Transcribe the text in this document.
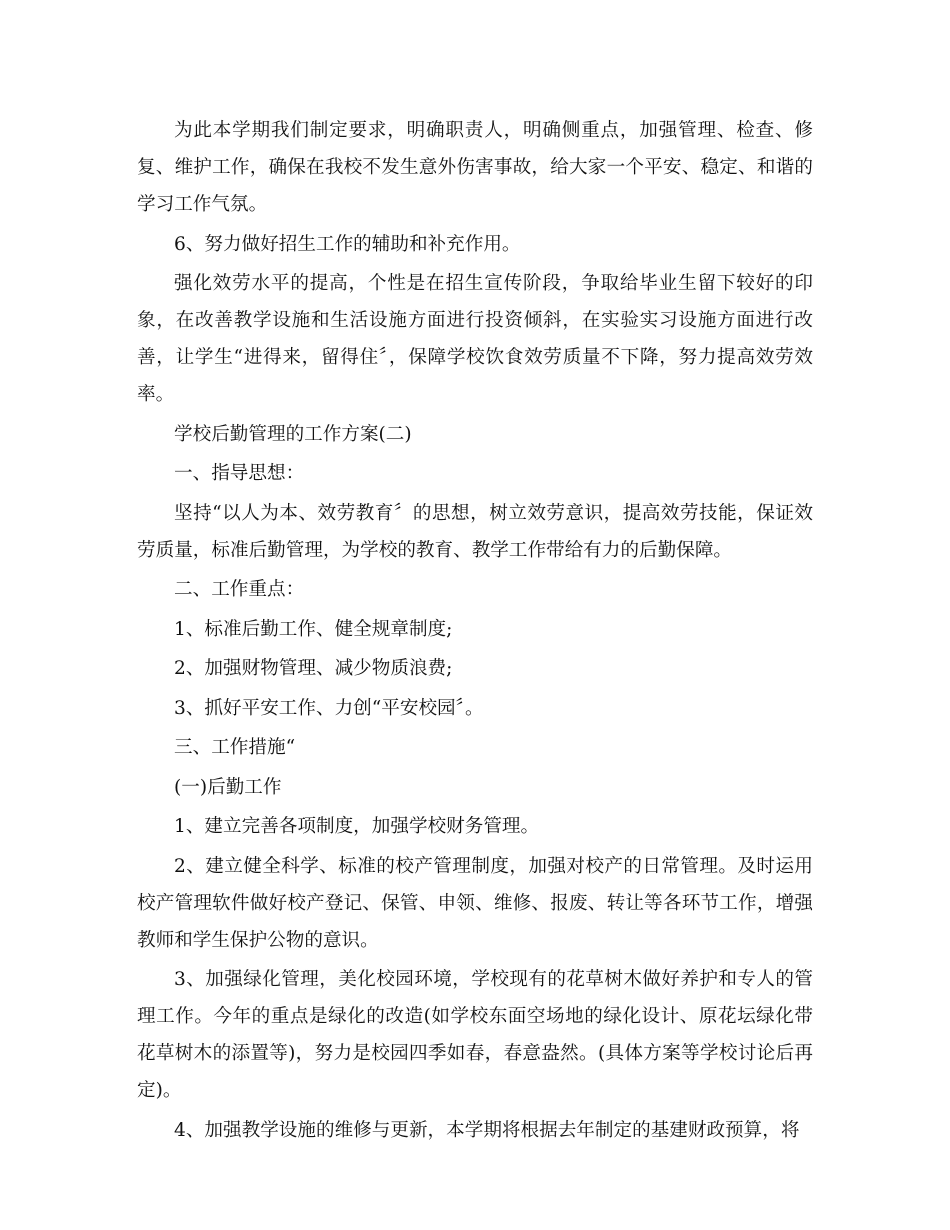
为此本学期我们制定要求，明确职责人，明确侧重点，加强管理、检查、修复、维护工作，确保在我校不发生意外伤害事故，给大家一个平安、稳定、和谐的学习工作气氛。

6、努力做好招生工作的辅助和补充作用。

强化效劳水平的提高，个性是在招生宣传阶段，争取给毕业生留下较好的印象，在改善教学设施和生活设施方面进行投资倾斜，在实验实习设施方面进行改善，让学生“进得来，留得住〞，保障学校饮食效劳质量不下降，努力提高效劳效率。

学校后勤管理的工作方案(二)

一、指导思想：

坚持“以人为本、效劳教育〞的思想，树立效劳意识，提高效劳技能，保证效劳质量，标准后勤管理，为学校的教育、教学工作带给有力的后勤保障。

二、工作重点：

1、标准后勤工作、健全规章制度;

2、加强财物管理、减少物质浪费;

3、抓好平安工作、力创“平安校园〞。

三、工作措施“

(一)后勤工作

1、建立完善各项制度，加强学校财务管理。

2、建立健全科学、标准的校产管理制度，加强对校产的日常管理。及时运用校产管理软件做好校产登记、保管、申领、维修、报废、转让等各环节工作，增强教师和学生保护公物的意识。

3、加强绿化管理，美化校园环境，学校现有的花草树木做好养护和专人的管理工作。今年的重点是绿化的改造(如学校东面空场地的绿化设计、原花坛绿化带花草树木的添置等)，努力是校园四季如春，春意盎然。(具体方案等学校讨论后再定)。

4、加强教学设施的维修与更新，本学期将根据去年制定的基建财政预算，将
